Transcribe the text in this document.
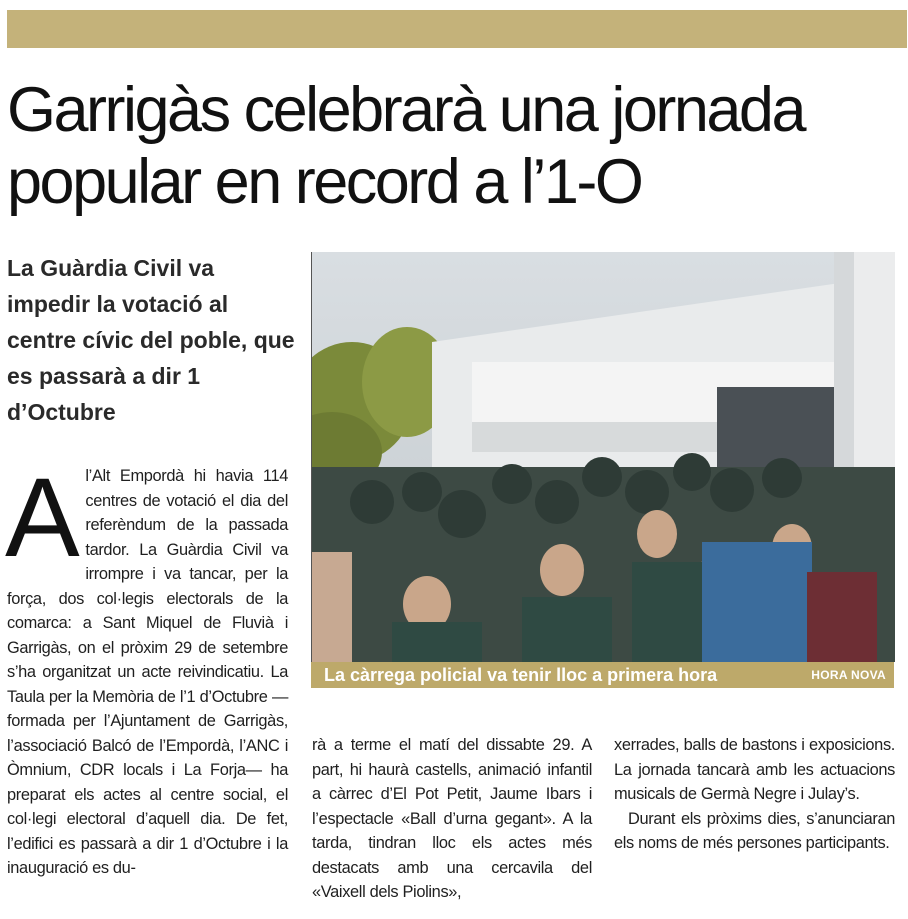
Garrigàs celebrarà una jornada popular en record a l’1-O
La Guàrdia Civil va impedir la votació al centre cívic del poble, que es passarà a dir 1 d’Octubre
La càrrega policial va tenir lloc a primera hora	HORA NOVA
Al’Alt Empordà hi havia 114 centres de votació el dia del referèndum de la passada tardor. La Guàrdia Civil va irrompre i va tancar, per la força, dos col·legis electorals de la comarca: a Sant Miquel de Fluvià i Garrigàs, on el pròxim 29 de setembre s’ha organitzat un acte reivindicatiu. La Taula per la Memòria de l’1 d’Octubre —formada per l’Ajuntament de Garrigàs, l’associació Balcó de l’Empordà, l’ANC i Òmnium, CDR locals i La Forja— ha preparat els actes al centre social, el col·legi electoral d’aquell dia. De fet, l’edifici es passarà a dir 1 d’Octubre i la inauguració es du-

rà a terme el matí del dissabte 29. A part, hi haurà castells, animació infantil a càrrec d’El Pot Petit, Jaume Ibars i l’espectacle «Ball d’urna gegant». A la tarda, tindran lloc els actes més destacats amb una cercavila del «Vaixell dels Piolins»,

xerrades, balls de bastons i exposicions. La jornada tancarà amb les actuacions musicals de Germà Negre i Julay’s.

Durant els pròxims dies, s’anunciaran els noms de més persones participants.
